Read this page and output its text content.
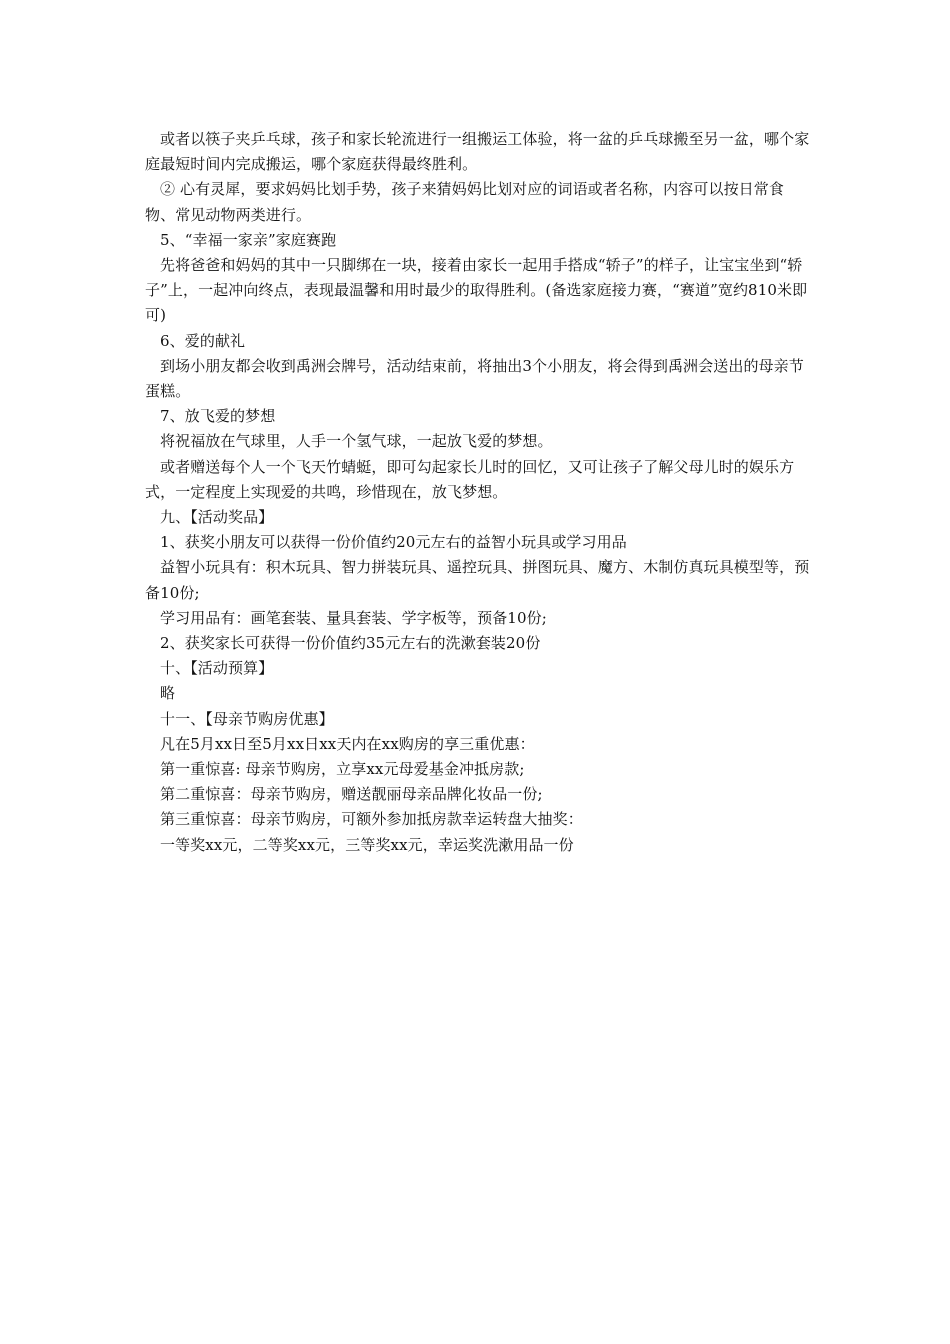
或者以筷子夹乒乓球，孩子和家长轮流进行一组搬运工体验，将一盆的乒乓球搬至另一盆，哪个家庭最短时间内完成搬运，哪个家庭获得最终胜利。

② 心有灵犀，要求妈妈比划手势，孩子来猜妈妈比划对应的词语或者名称，内容可以按日常食物、常见动物两类进行。

5、“幸福一家亲”家庭赛跑

先将爸爸和妈妈的其中一只脚绑在一块，接着由家长一起用手搭成“轿子”的样子，让宝宝坐到“轿子”上，一起冲向终点，表现最温馨和用时最少的取得胜利。(备选家庭接力赛，“赛道”宽约810米即可)

6、爱的献礼

到场小朋友都会收到禹洲会牌号，活动结束前，将抽出3个小朋友，将会得到禹洲会送出的母亲节蛋糕。

7、放飞爱的梦想

将祝福放在气球里，人手一个氢气球，一起放飞爱的梦想。

或者赠送每个人一个飞天竹蜻蜓，即可勾起家长儿时的回忆，又可让孩子了解父母儿时的娱乐方式，一定程度上实现爱的共鸣，珍惜现在，放飞梦想。

九、【活动奖品】

1、获奖小朋友可以获得一份价值约20元左右的益智小玩具或学习用品

益智小玩具有：积木玩具、智力拼装玩具、遥控玩具、拼图玩具、魔方、木制仿真玩具模型等，预备10份;

学习用品有：画笔套装、量具套装、学字板等，预备10份;

2、获奖家长可获得一份价值约35元左右的洗漱套装20份

十、【活动预算】

略

十一、【母亲节购房优惠】

凡在5月xx日至5月xx日xx天内在xx购房的享三重优惠：

第一重惊喜: 母亲节购房，立享xx元母爱基金冲抵房款;

第二重惊喜：母亲节购房，赠送靓丽母亲品牌化妆品一份;

第三重惊喜：母亲节购房，可额外参加抵房款幸运转盘大抽奖：

一等奖xx元，二等奖xx元，三等奖xx元，幸运奖洗漱用品一份
